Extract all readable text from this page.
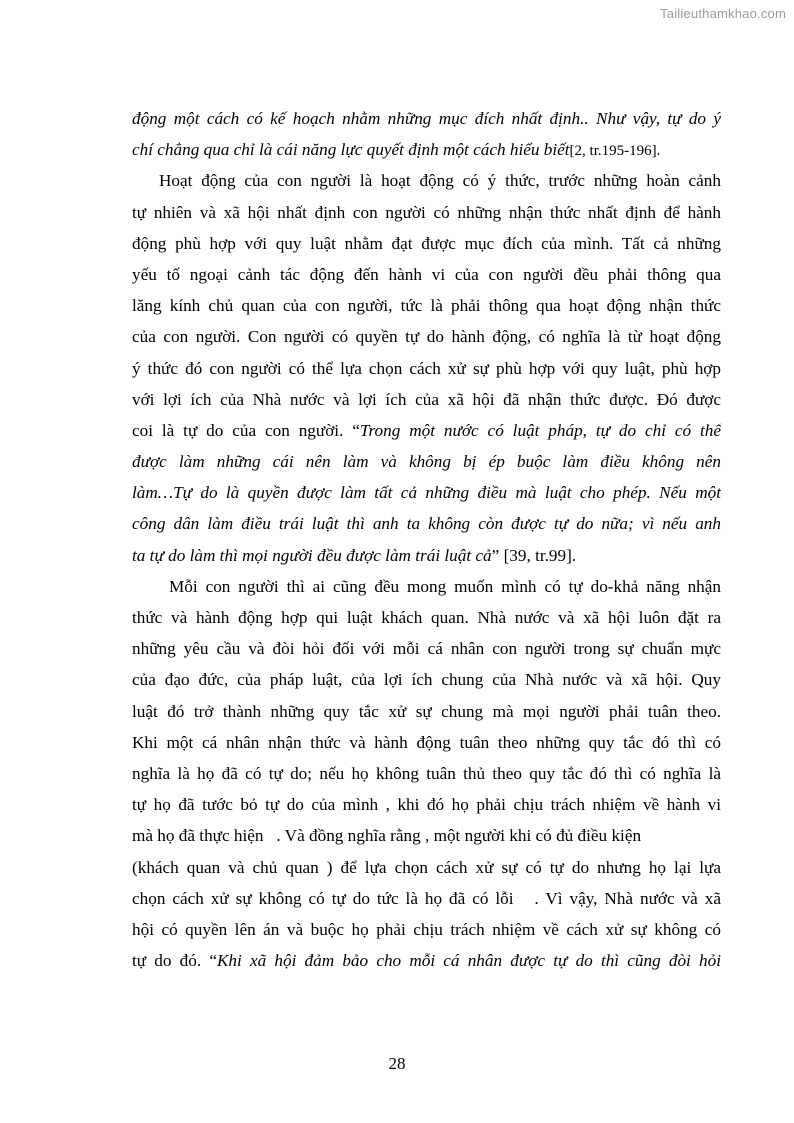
Tailieuthamkhao.com
động một cách có kế hoạch nhằm những mục đích nhất định.. Như vậy, tự do ý
chí chẳng qua chỉ là cái năng lực quyết định một cách hiểu biết[2, tr.195-196].
Hoạt động của con người là hoạt động có ý thức, trước những hoàn cảnh
tự nhiên và xã hội nhất định con người có những nhận thức nhất định để hành
động phù hợp với quy luật nhằm đạt được mục đích của mình. Tất cả những
yếu tố ngoại cảnh tác động đến hành vi của con người đều phải thông qua
lăng kính chủ quan của con người, tức là phải thông qua hoạt động nhận thức
của con người. Con người có quyền tự do hành động, có nghĩa là từ hoạt động
ý thức đó con người có thể lựa chọn cách xử sự phù hợp với quy luật, phù hợp
với lợi ích của Nhà nước và lợi ích của xã hội đã nhận thức được. Đó được
coi là tự do của con người. “Trong một nước có luật pháp, tự do chỉ có thể
được làm những cái nên làm và không bị ép buộc làm điều không nên
làm…Tự do là quyền được làm tất cả những điều mà luật cho phép. Nếu một
công dân làm điều trái luật thì anh ta không còn được tự do nữa; vì nếu anh
ta tự do làm thì mọi người đều được làm trái luật cả” [39, tr.99].
Mỗi con người thì ai cũng đều mong muốn mình có tự do-khả năng nhận
thức và hành động hợp qui luật khách quan. Nhà nước và xã hội luôn đặt ra
những yêu cầu và đòi hỏi đối với mỗi cá nhân con người trong sự chuẩn mực
của đạo đức, của pháp luật, của lợi ích chung của Nhà nước và xã hội. Quy
luật đó trở thành những quy tắc xử sự chung mà mọi người phải tuân theo.
Khi một cá nhân nhận thức và hành động tuân theo những quy tắc đó thì có
nghĩa là họ đã có tự do; nếu họ không tuân thủ theo quy tắc đó thì có nghĩa là
tự họ đã tước bỏ tự do của mình , khi đó họ phải chịu trách nhiệm về hành vi
mà họ đã thực hiện   . Và đồng nghĩa rằng , một người khi có đủ điều kiện
(khách quan và chủ quan ) để lựa chọn cách xử sự có tự do nhưng họ lại lựa
chọn cách xử sự không có tự do tức là họ đã có lỗi   . Vì vậy, Nhà nước và xã
hội có quyền lên án và buộc họ phải chịu trách nhiệm về cách xử sự không có
tự do đó. “Khi xã hội đảm bảo cho mỗi cá nhân được tự do thì cũng đòi hỏi
28
